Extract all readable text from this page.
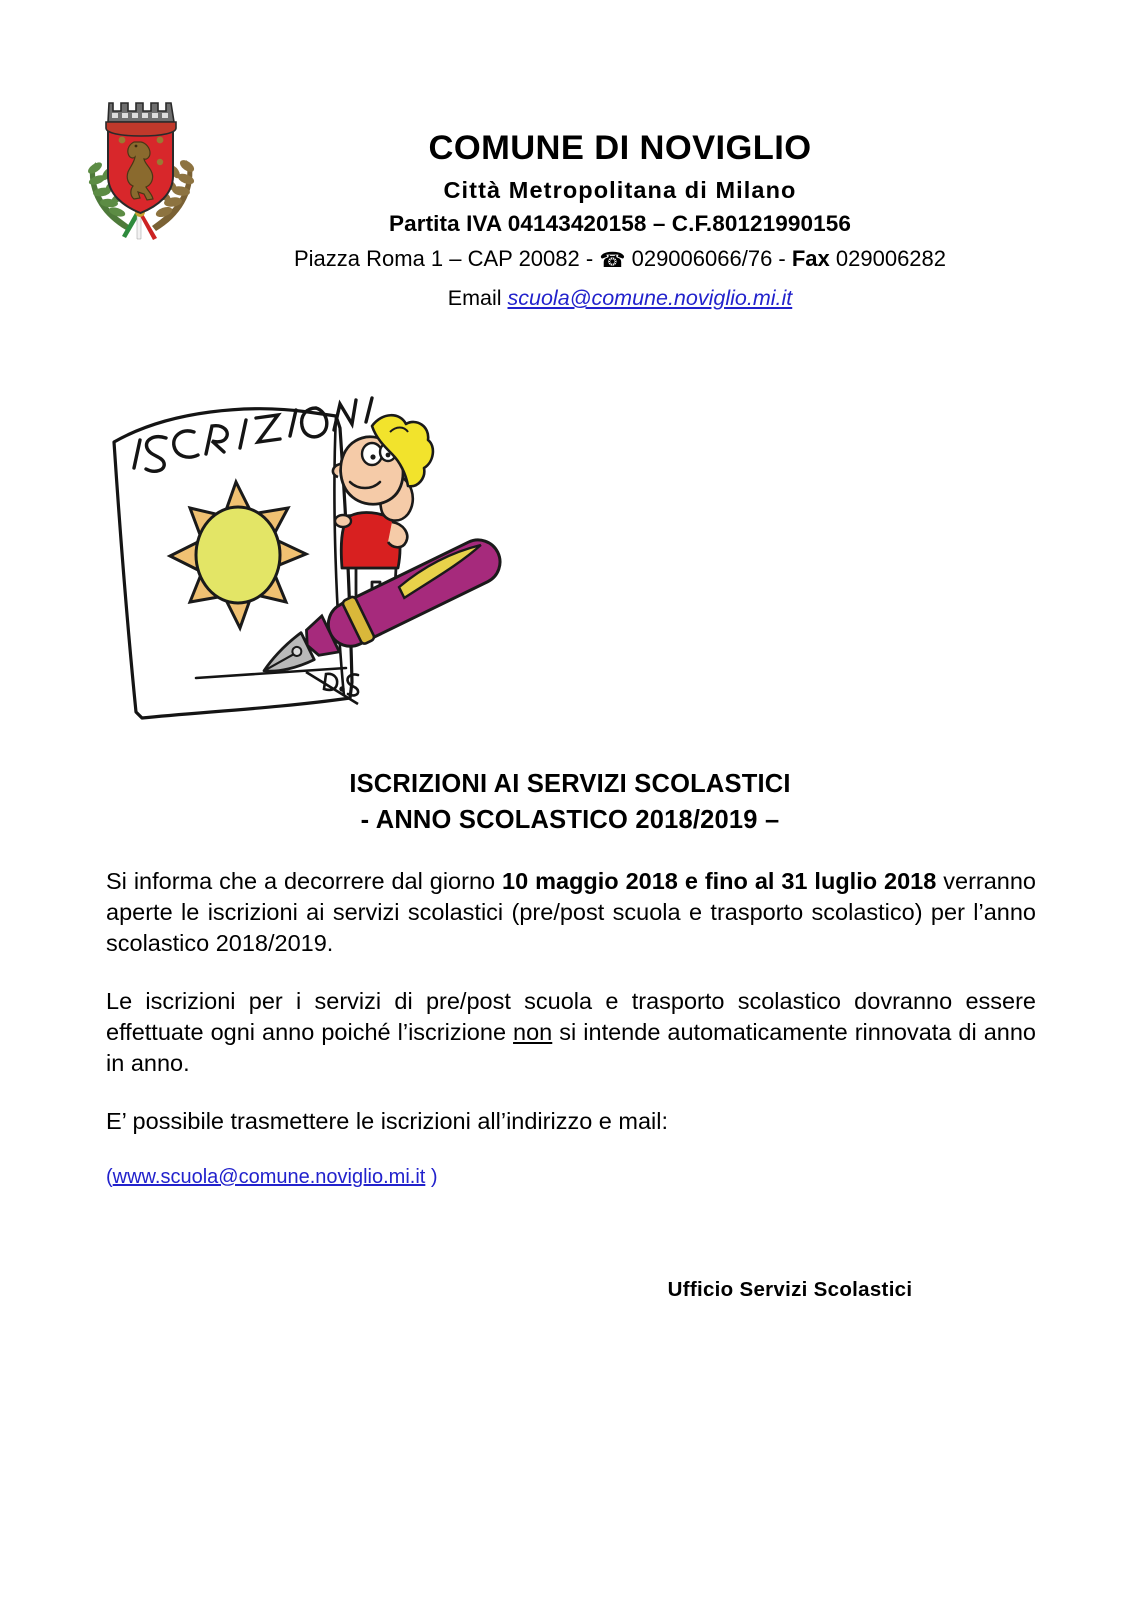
COMUNE DI NOVIGLIO
Città Metropolitana di Milano
Partita IVA 04143420158 – C.F.80121990156
Piazza Roma 1 – CAP 20082 - ☎ 029006066/76 - Fax 029006282
Email scuola@comune.noviglio.mi.it
ISCRIZIONI AI SERVIZI SCOLASTICI
- ANNO SCOLASTICO 2018/2019 –

Si informa che a decorrere dal giorno 10 maggio 2018 e fino al 31 luglio 2018 verranno aperte le iscrizioni ai servizi scolastici (pre/post scuola e trasporto scolastico) per l’anno scolastico 2018/2019.

Le iscrizioni per i servizi di pre/post scuola e trasporto scolastico dovranno essere effettuate ogni anno poiché l’iscrizione non si intende automaticamente rinnovata di anno in anno.

E’ possibile trasmettere le iscrizioni all’indirizzo e mail:

(www.scuola@comune.noviglio.mi.it )

Ufficio Servizi Scolastici
